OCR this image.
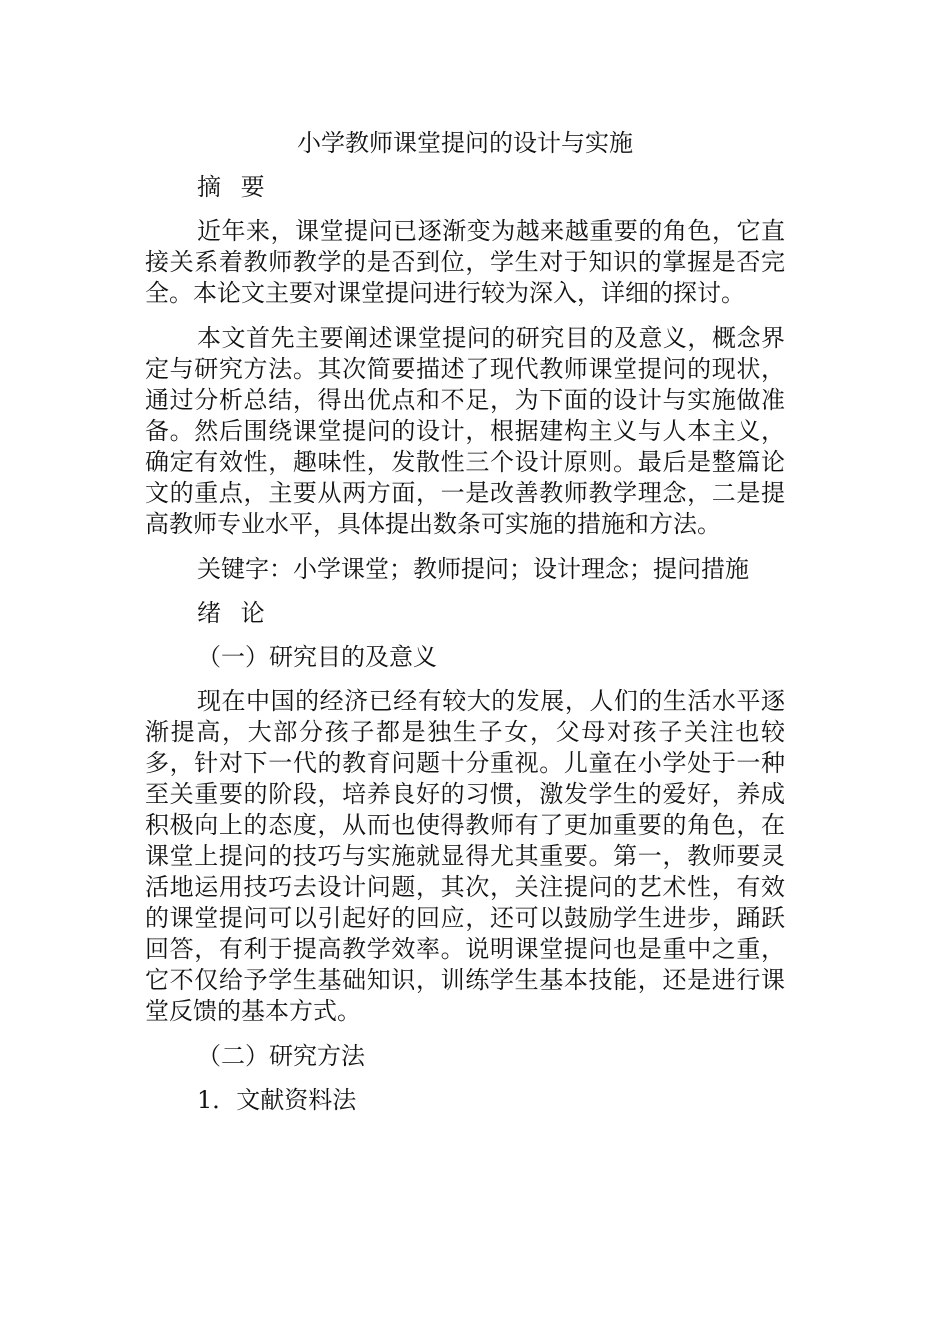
小学教师课堂提问的设计与实施
摘 要

近年来，课堂提问已逐渐变为越来越重要的角色，它直接关系着教师教学的是否到位，学生对于知识的掌握是否完全。本论文主要对课堂提问进行较为深入，详细的探讨。

本文首先主要阐述课堂提问的研究目的及意义，概念界定与研究方法。其次简要描述了现代教师课堂提问的现状，通过分析总结，得出优点和不足，为下面的设计与实施做准备。然后围绕课堂提问的设计，根据建构主义与人本主义，确定有效性，趣味性，发散性三个设计原则。最后是整篇论文的重点，主要从两方面，一是改善教师教学理念，二是提高教师专业水平，具体提出数条可实施的措施和方法。

关键字：小学课堂；教师提问；设计理念；提问措施
绪 论
（一）研究目的及意义

现在中国的经济已经有较大的发展，人们的生活水平逐渐提高，大部分孩子都是独生子女，父母对孩子关注也较多，针对下一代的教育问题十分重视。儿童在小学处于一种至关重要的阶段，培养良好的习惯，激发学生的爱好，养成积极向上的态度，从而也使得教师有了更加重要的角色，在课堂上提问的技巧与实施就显得尤其重要。第一，教师要灵活地运用技巧去设计问题，其次，关注提问的艺术性，有效的课堂提问可以引起好的回应，还可以鼓励学生进步，踊跃回答，有利于提高教学效率。说明课堂提问也是重中之重，它不仅给予学生基础知识，训练学生基本技能，还是进行课堂反馈的基本方式。

（二）研究方法
1．文献资料法
